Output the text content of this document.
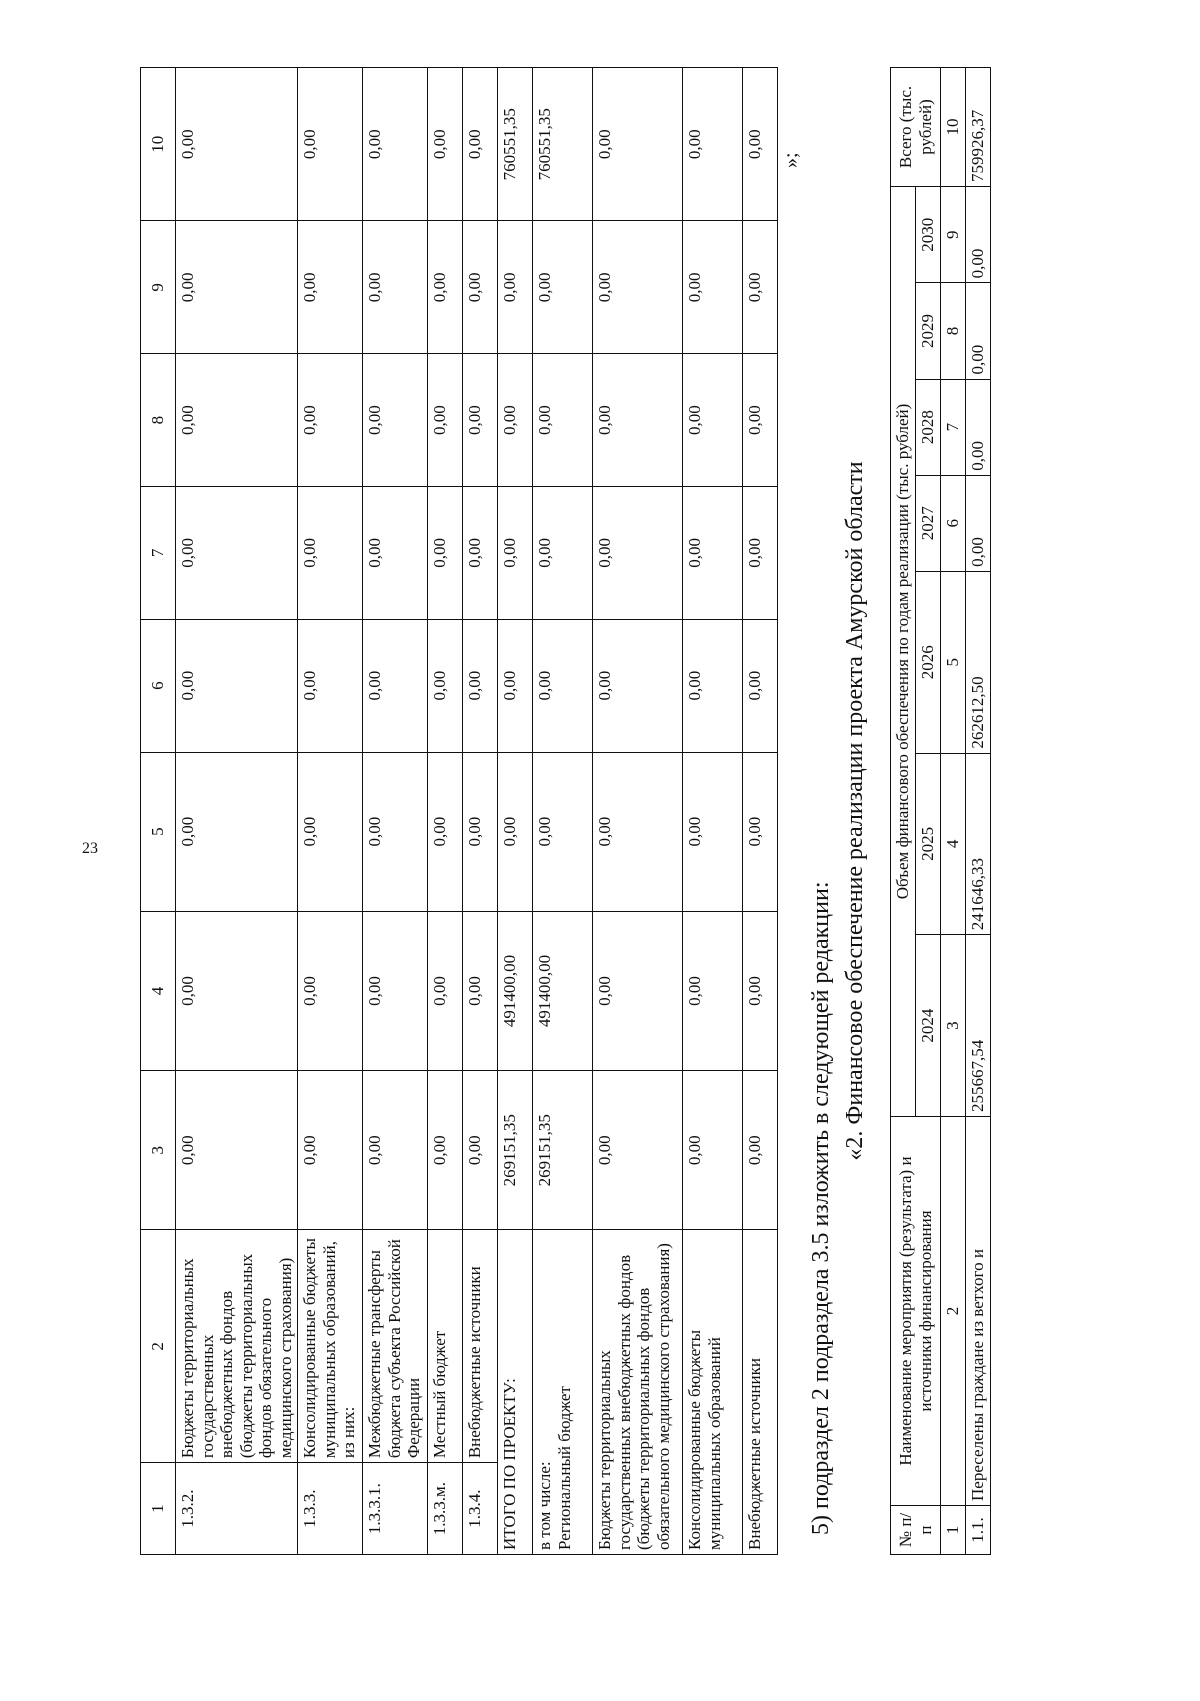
23
1	2	3	4	5	6	7	8	9	10
1.3.2.	Бюджеты территориальных государственных внебюджетных фондов (бюджеты территориальных фондов обязательного медицинского страхования)	0,00	0,00	0,00	0,00	0,00	0,00	0,00	0,00
1.3.3.	Консолидированные бюджеты муниципальных образований, из них:	0,00	0,00	0,00	0,00	0,00	0,00	0,00	0,00
1.3.3.1.	Межбюджетные трансферты бюджета субъекта Российской Федерации	0,00	0,00	0,00	0,00	0,00	0,00	0,00	0,00
1.3.3.м.	Местный бюджет	0,00	0,00	0,00	0,00	0,00	0,00	0,00	0,00
1.3.4.	Внебюджетные источники	0,00	0,00	0,00	0,00	0,00	0,00	0,00	0,00

ИТОГО ПО ПРОЕКТУ:		269151,35	491400,00	0,00	0,00	0,00	0,00	0,00	760551,35

в том числе: Региональный бюджет		269151,35	491400,00	0,00	0,00	0,00	0,00	0,00	760551,35

Бюджеты территориальных государственных внебюджетных фондов (бюджеты территориальных фондов обязательного медицинского страхования)		0,00	0,00	0,00	0,00	0,00	0,00	0,00	0,00

Консолидированные бюджеты муниципальных образований		0,00	0,00	0,00	0,00	0,00	0,00	0,00	0,00

Внебюджетные источники		0,00	0,00	0,00	0,00	0,00	0,00	0,00	0,00
»;
5) подраздел 2 подраздела 3.5 изложить в следующей редакции:
«2. Финансовое обеспечение реализации проекта Амурской области
№ п/п	Наименование мероприятия (результата) и источники финансирования	Объем финансового обеспечения по годам реализации (тыс. рублей)							Всего (тыс. рублей)
		2024	2025	2026	2027	2028	2029	2030	
1	2	3	4	5	6	7	8	9	10
1.1.	Переселены граждане из ветхого и	255667,54	241646,33	262612,50	0,00	0,00	0,00	0,00	759926,37
